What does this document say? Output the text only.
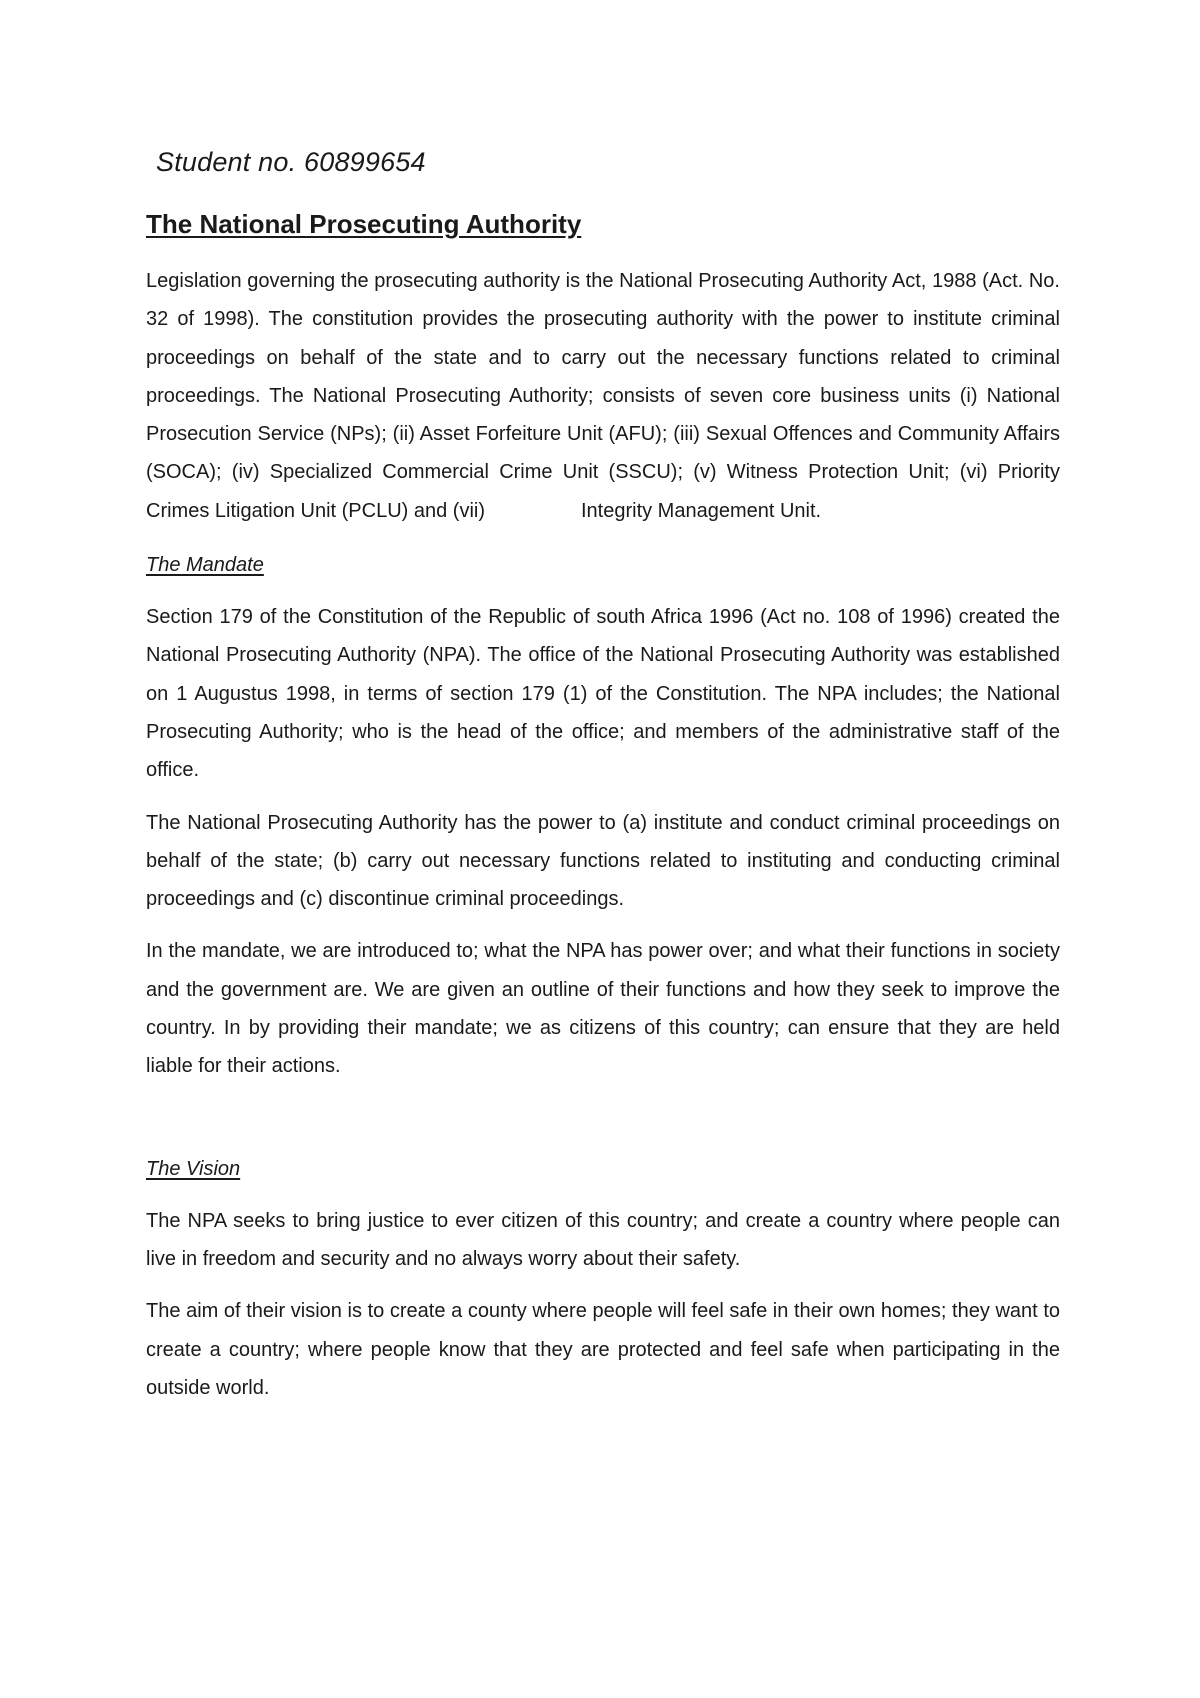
Student no. 60899654
The National Prosecuting Authority

Legislation governing the prosecuting authority is the National Prosecuting Authority Act, 1988 (Act. No. 32 of 1998). The constitution provides the prosecuting authority with the power to institute criminal proceedings on behalf of the state and to carry out the necessary functions related to criminal proceedings. The National Prosecuting Authority; consists of seven core business units (i) National Prosecution Service (NPs); (ii) Asset Forfeiture Unit (AFU); (iii) Sexual Offences and Community Affairs (SOCA); (iv) Specialized Commercial Crime Unit (SSCU); (v) Witness Protection Unit; (vi) Priority Crimes Litigation Unit (PCLU) and (vii)	Integrity Management Unit.

The Mandate

Section 179 of the Constitution of the Republic of south Africa 1996 (Act no. 108 of 1996) created the National Prosecuting Authority (NPA). The office of the National Prosecuting Authority was established on 1 Augustus 1998, in terms of section 179 (1) of the Constitution. The NPA includes; the National Prosecuting Authority; who is the head of the office; and members of the administrative staff of the office.

The National Prosecuting Authority has the power to (a) institute and conduct criminal proceedings on behalf of the state; (b) carry out necessary functions related to instituting and conducting criminal proceedings and (c) discontinue criminal proceedings.

In the mandate, we are introduced to; what the NPA has power over; and what their functions in society and the government are. We are given an outline of their functions and how they seek to improve the country. In by providing their mandate; we as citizens of this country; can ensure that they are held liable for their actions.

The Vision

The NPA seeks to bring justice to ever citizen of this country; and create a country where people can live in freedom and security and no always worry about their safety.

The aim of their vision is to create a county where people will feel safe in their own homes; they want to create a country; where people know that they are protected and feel safe when participating in the outside world.
